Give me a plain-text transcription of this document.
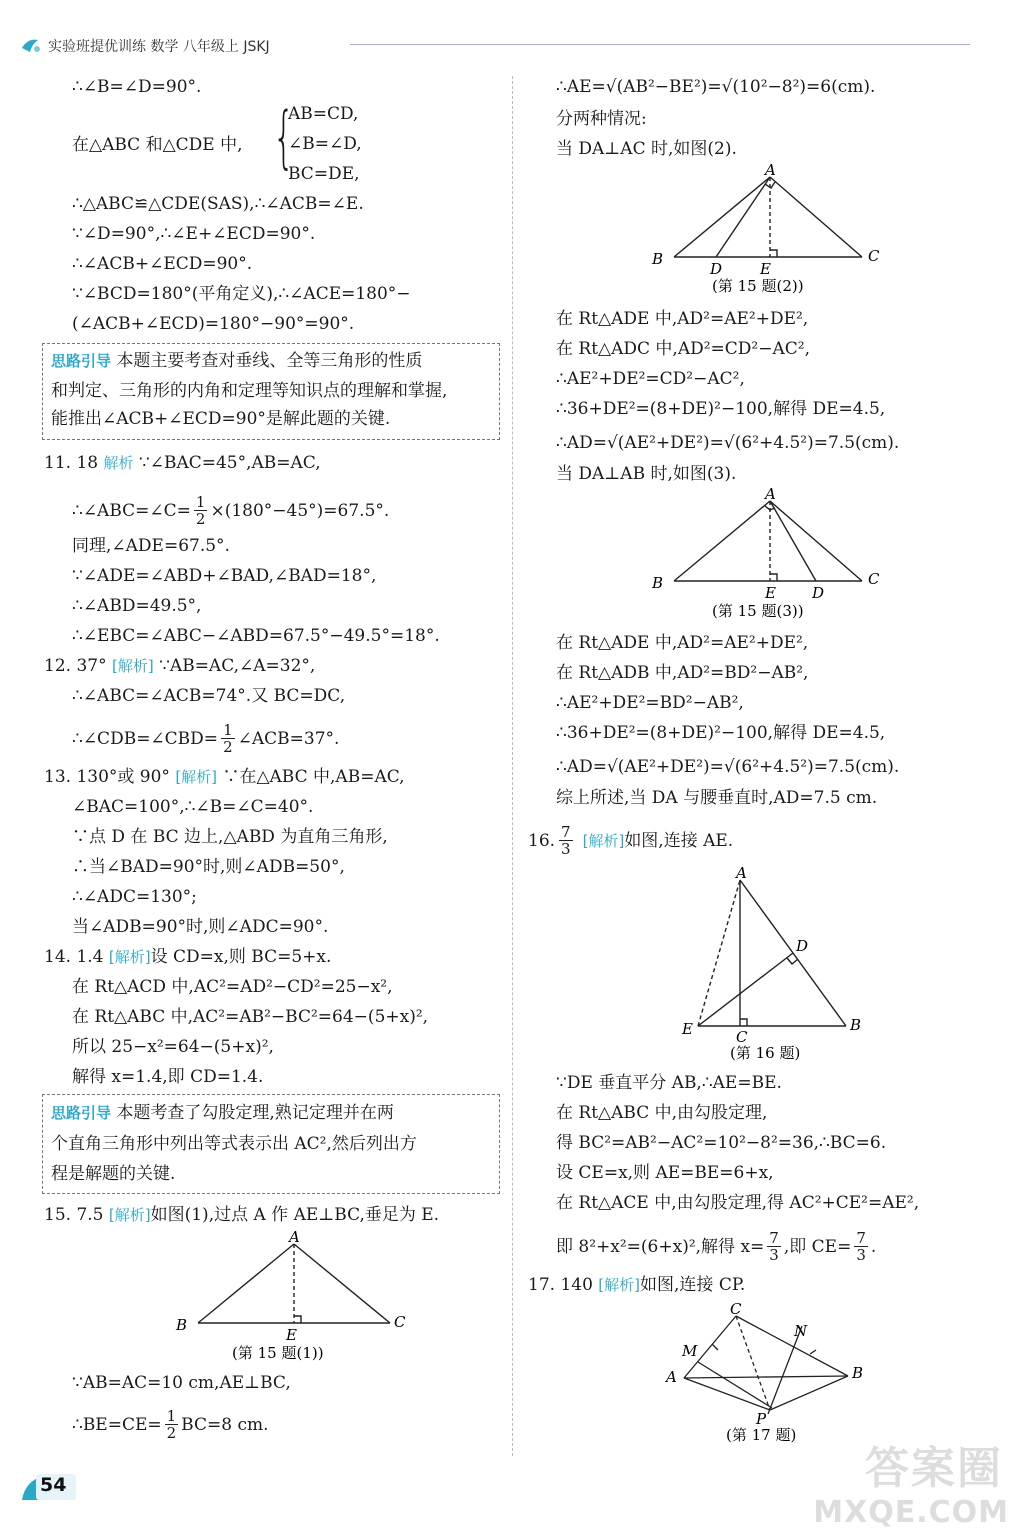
实验班提优训练 数学 八年级上 JSKJ
∴∠B=∠D=90°.
在△ABC 和△CDE 中, {
AB=CD,
∠B=∠D,
BC=DE,
∴△ABC≌△CDE(SAS),∴∠ACB=∠E.
∵∠D=90°,∴∠E+∠ECD=90°.
∴∠ACB+∠ECD=90°.
∵∠BCD=180°(平角定义),∴∠ACE=180°−
(∠ACB+∠ECD)=180°−90°=90°.
思路引导 本题主要考查对垂线、全等三角形的性质
和判定、三角形的内角和定理等知识点的理解和掌握,
能推出∠ACB+∠ECD=90°是解此题的关键.
11. 18 解析 ∵∠BAC=45°,AB=AC,
∴∠ABC=∠C= $\frac{1}{2} \times(180^\circ-45^\circ)=67.5^\circ$.
同理,∠ADE=67.5°.
∵∠ADE=∠ABD+∠BAD,∠BAD=18°,
∴∠ABD=49.5°,
∴∠EBC=∠ABC−∠ABD=67.5°−49.5°=18°.
12. 37° [解析] ∵AB=AC,∠A=32°,
∴∠ABC=∠ACB=74°.又 BC=DC,
∴∠CDB=∠CBD= $\frac{1}{2}$ ∠ACB=37°.
13. 130°或 90° [解析] ∵在△ABC 中,AB=AC,
∠BAC=100°,∴∠B=∠C=40°.
∵点 D 在 BC 边上,△ABD 为直角三角形,
∴当∠BAD=90°时,则∠ADB=50°,
∴∠ADC=130°;
当∠ADB=90°时,则∠ADC=90°.
14. 1.4 [解析]设 CD=x,则 BC=5+x.
在 Rt△ACD 中,AC²=AD²−CD²=25−x²,
在 Rt△ABC 中,AC²=AB²−BC²=64−(5+x)²,
所以 25−x²=64−(5+x)²,
解得 x=1.4,即 CD=1.4.
思路引导 本题考查了勾股定理,熟记定理并在两
个直角三角形中列出等式表示出 AC²,然后列出方
程是解题的关键.
15. 7.5 [解析]如图(1),过点 A 作 AE⊥BC,垂足为 E.
A
B	C
E
(第 15 题(1))
∵AB=AC=10 cm,AE⊥BC,
∴BE=CE= $\frac{1}{2} BC=8$ cm.
∴AE=√(AB²−BE²)=√(10²−8²)=6(cm).
分两种情况:
当 DA⊥AC 时,如图(2).
A
B	C
D	E
(第 15 题(2))
在 Rt△ADE 中,AD²=AE²+DE²,
在 Rt△ADC 中,AD²=CD²−AC²,
∴AE²+DE²=CD²−AC²,
∴36+DE²=(8+DE)²−100,解得 DE=4.5,
∴AD=√(AE²+DE²)=√(6²+4.5²)=7.5(cm).
当 DA⊥AB 时,如图(3).
A
B	C
D
E
(第 15 题(3))
在 Rt△ADE 中,AD²=AE²+DE²,
在 Rt△ADB 中,AD²=BD²−AB²,
∴AE²+DE²=BD²−AB²,
∴36+DE²=(8+DE)²−100,解得 DE=4.5,
∴AD=√(AE²+DE²)=√(6²+4.5²)=7.5(cm).
综上所述,当 DA 与腰垂直时,AD=7.5 cm.
16. $\frac{7}{3}$ [解析] 如图,连接 AE.
A
D
E	C
B
(第 16 题)
∵DE 垂直平分 AB,∴AE=BE.
在 Rt△ABC 中,由勾股定理,
得 BC²=AB²−AC²=10²−8²=36,∴BC=6.
设 CE=x,则 AE=BE=6+x,
在 Rt△ACE 中,由勾股定理,得 AC²+CE²=AE²,
即 8²+x²=(6+x)²,解得 $x= \frac{7}{3}$ ,即 $CE= \frac{7}{3}$ .
17. 140 [解析]如图,连接 CP.
C
N
M
A	B
P
(第 17 题)
54	答案圈
MXQE.COM
